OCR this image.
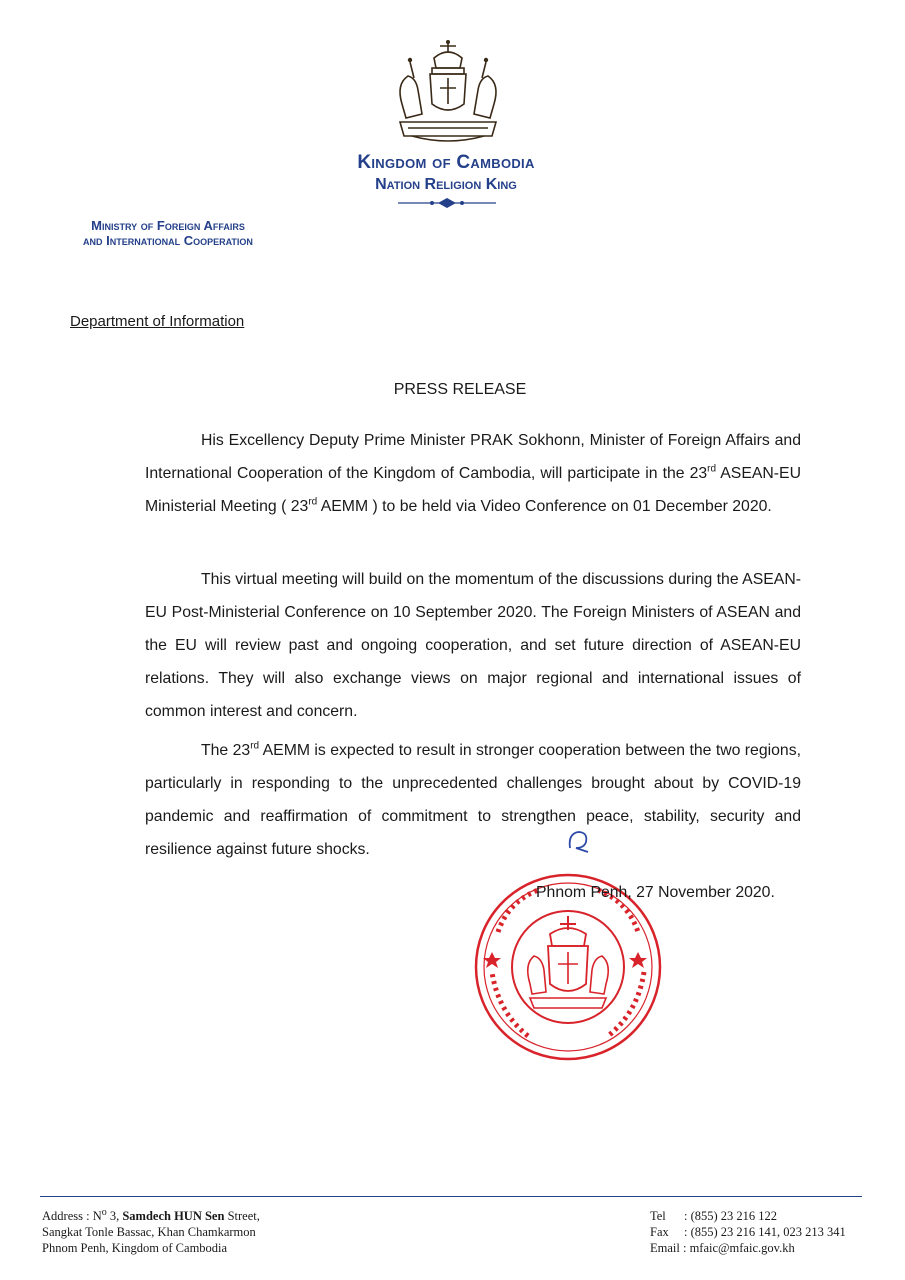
Kingdom of Cambodia
Nation Religion King
Ministry of Foreign Affairs
and International Cooperation
Department of Information
PRESS RELEASE
His Excellency Deputy Prime Minister PRAK Sokhonn, Minister of Foreign Affairs and International Cooperation of the Kingdom of Cambodia, will participate in the 23rd ASEAN-EU Ministerial Meeting ( 23rd AEMM ) to be held via Video Conference on 01 December 2020.
This virtual meeting will build on the momentum of the discussions during the ASEAN-EU Post-Ministerial Conference on 10 September 2020. The Foreign Ministers of ASEAN and the EU will review past and ongoing cooperation, and set future direction of ASEAN-EU relations. They will also exchange views on major regional and international issues of common interest and concern.
The 23rd AEMM is expected to result in stronger cooperation between the two regions, particularly in responding to the unprecedented challenges brought about by COVID-19 pandemic and reaffirmation of commitment to strengthen peace, stability, security and resilience against future shocks.
Phnom Penh, 27 November 2020.
Address : $N^o$ 3, Samdech HUN Sen Street,
Sangkat Tonle Bassac, Khan Chamkarmon
Phnom Penh, Kingdom of Cambodia
Tel : (855) 23 216 122
Fax : (855) 23 216 141, 023 213 341
Email : mfaic@mfaic.gov.kh
